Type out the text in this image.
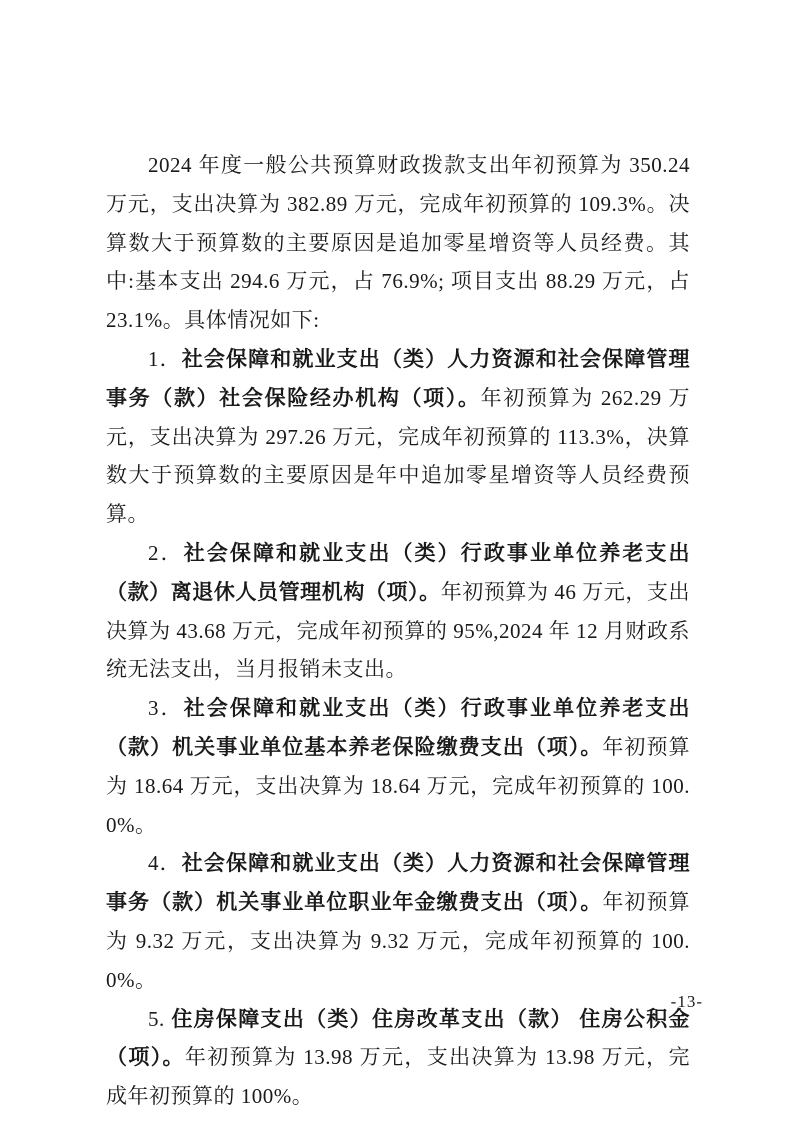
2024 年度一般公共预算财政拨款支出年初预算为 350.24 万元，支出决算为 382.89 万元，完成年初预算的 109.3%。决算数大于预算数的主要原因是追加零星增资等人员经费。其中:基本支出 294.6 万元，占 76.9%; 项目支出 88.29 万元，占 23.1%。具体情况如下:

1．社会保障和就业支出（类）人力资源和社会保障管理事务（款）社会保险经办机构（项）。年初预算为 262.29 万元，支出决算为 297.26 万元，完成年初预算的 113.3%，决算数大于预算数的主要原因是年中追加零星增资等人员经费预算。

2．社会保障和就业支出（类）行政事业单位养老支出（款）离退休人员管理机构（项）。年初预算为 46 万元，支出决算为 43.68 万元，完成年初预算的 95%,2024 年 12 月财政系统无法支出，当月报销未支出。

3．社会保障和就业支出（类）行政事业单位养老支出（款）机关事业单位基本养老保险缴费支出（项）。年初预算为 18.64 万元，支出决算为 18.64 万元，完成年初预算的 100.0%。

4．社会保障和就业支出（类）人力资源和社会保障管理事务（款）机关事业单位职业年金缴费支出（项）。年初预算为 9.32 万元，支出决算为 9.32 万元，完成年初预算的 100.0%。

5. 住房保障支出（类）住房改革支出（款） 住房公积金（项）。年初预算为 13.98 万元，支出决算为 13.98 万元，完成年初预算的 100%。

-13-
